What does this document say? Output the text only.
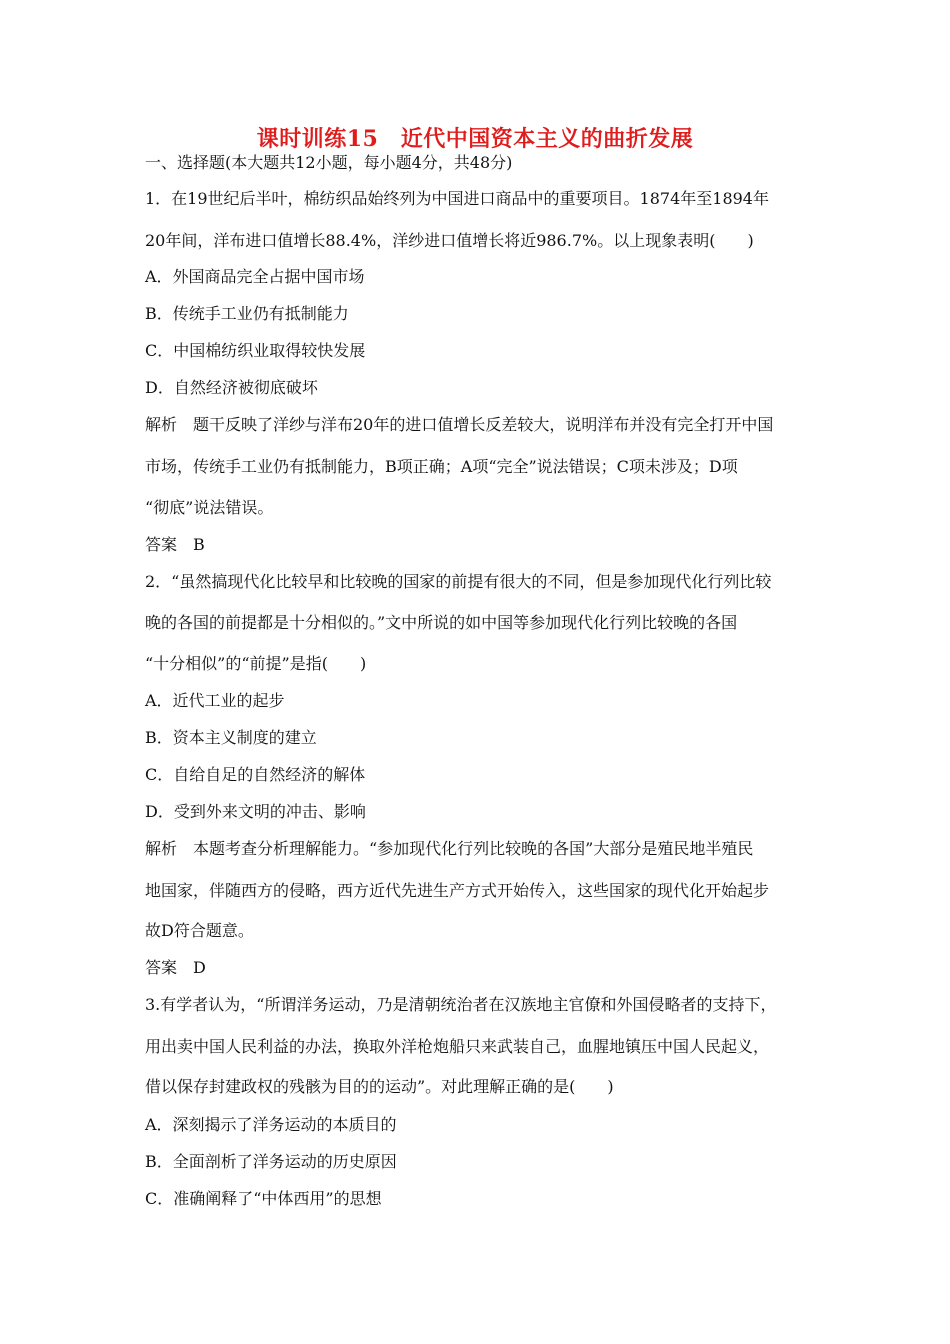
课时训练15　近代中国资本主义的曲折发展
一、选择题(本大题共12小题，每小题4分，共48分)
1．在19世纪后半叶，棉纺织品始终列为中国进口商品中的重要项目。1874年至1894年
20年间，洋布进口值增长88.4%，洋纱进口值增长将近986.7%。以上现象表明(　　)
A．外国商品完全占据中国市场
B．传统手工业仍有抵制能力
C．中国棉纺织业取得较快发展
D．自然经济被彻底破坏
解析　题干反映了洋纱与洋布20年的进口值增长反差较大，说明洋布并没有完全打开中国
市场，传统手工业仍有抵制能力，B项正确；A项“完全”说法错误；C项未涉及；D项
“彻底”说法错误。
答案　B
2．“虽然搞现代化比较早和比较晚的国家的前提有很大的不同，但是参加现代化行列比较
晚的各国的前提都是十分相似的。”文中所说的如中国等参加现代化行列比较晚的各国
“十分相似”的“前提”是指(　　)
A．近代工业的起步
B．资本主义制度的建立
C．自给自足的自然经济的解体
D．受到外来文明的冲击、影响
解析　本题考查分析理解能力。“参加现代化行列比较晚的各国”大部分是殖民地半殖民
地国家，伴随西方的侵略，西方近代先进生产方式开始传入，这些国家的现代化开始起步
故D符合题意。
答案　D
3.有学者认为，“所谓洋务运动，乃是清朝统治者在汉族地主官僚和外国侵略者的支持下，
用出卖中国人民利益的办法，换取外洋枪炮船只来武装自己，血腥地镇压中国人民起义，
借以保存封建政权的残骸为目的的运动”。对此理解正确的是(　　)
A．深刻揭示了洋务运动的本质目的
B．全面剖析了洋务运动的历史原因
C．准确阐释了“中体西用”的思想
